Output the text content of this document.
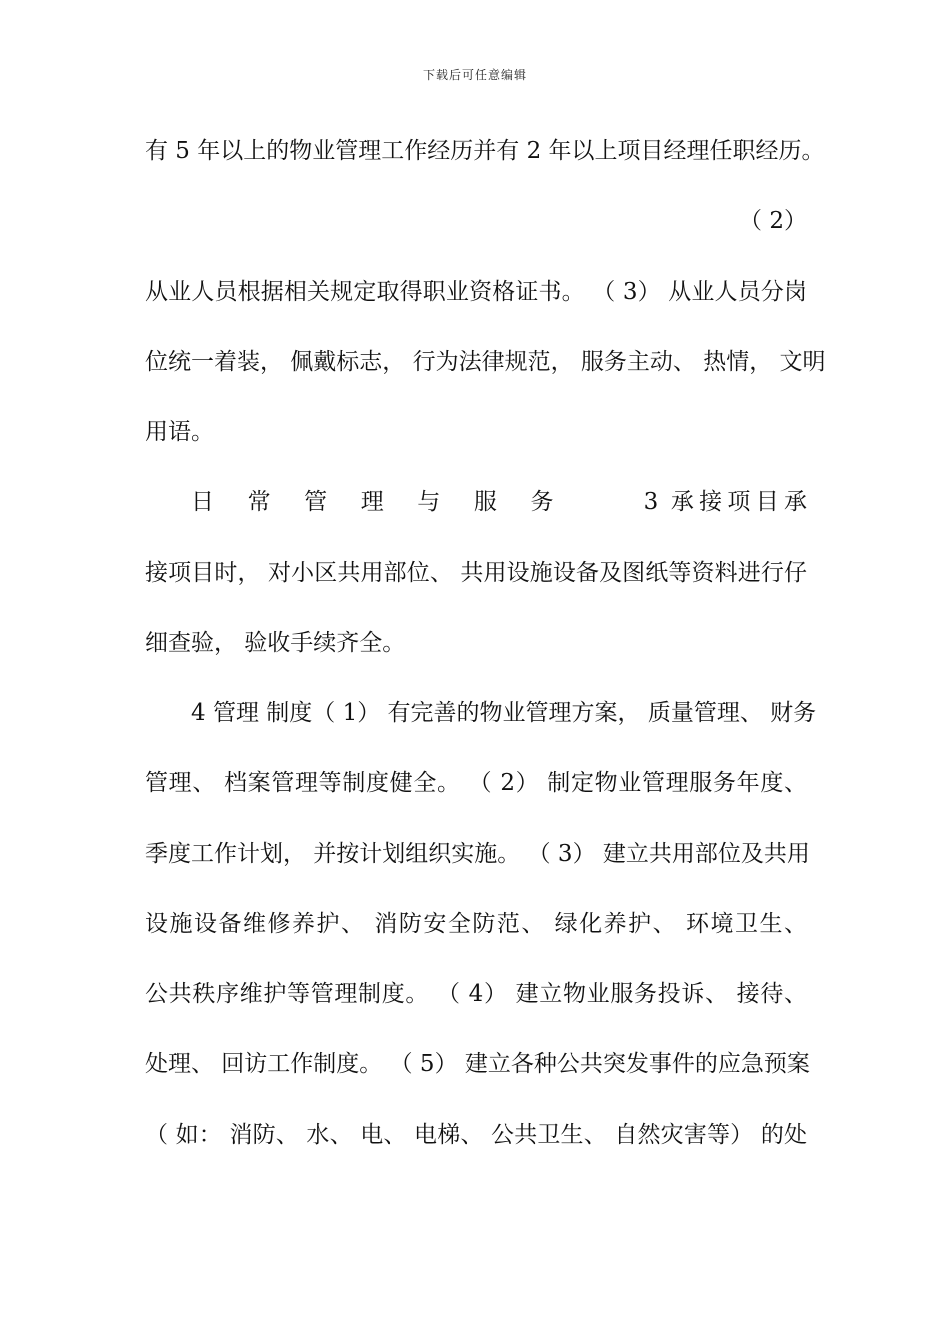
下载后可任意编辑
有 5 年以上的物业管理工作经历并有 2 年以上项目经理任职经历。
（ 2）
从业人员根据相关规定取得职业资格证书。 （ 3） 从业人员分岗
位统一着装， 佩戴标志， 行为法律规范， 服务主动、 热情， 文明
用语。
日　常　管　理　与　服　务　　　3 承接项目承
接项目时， 对小区共用部位、 共用设施设备及图纸等资料进行仔
细查验， 验收手续齐全。
4 管理 制度（ 1） 有完善的物业管理方案， 质量管理、 财务
管理、 档案管理等制度健全。 （ 2） 制定物业管理服务年度、
季度工作计划， 并按计划组织实施。 （ 3） 建立共用部位及共用
设施设备维修养护、 消防安全防范、 绿化养护、 环境卫生、
公共秩序维护等管理制度。 （ 4） 建立物业服务投诉、 接待、
处理、 回访工作制度。 （ 5） 建立各种公共突发事件的应急预案
（ 如： 消防、 水、 电、 电梯、 公共卫生、 自然灾害等） 的处
